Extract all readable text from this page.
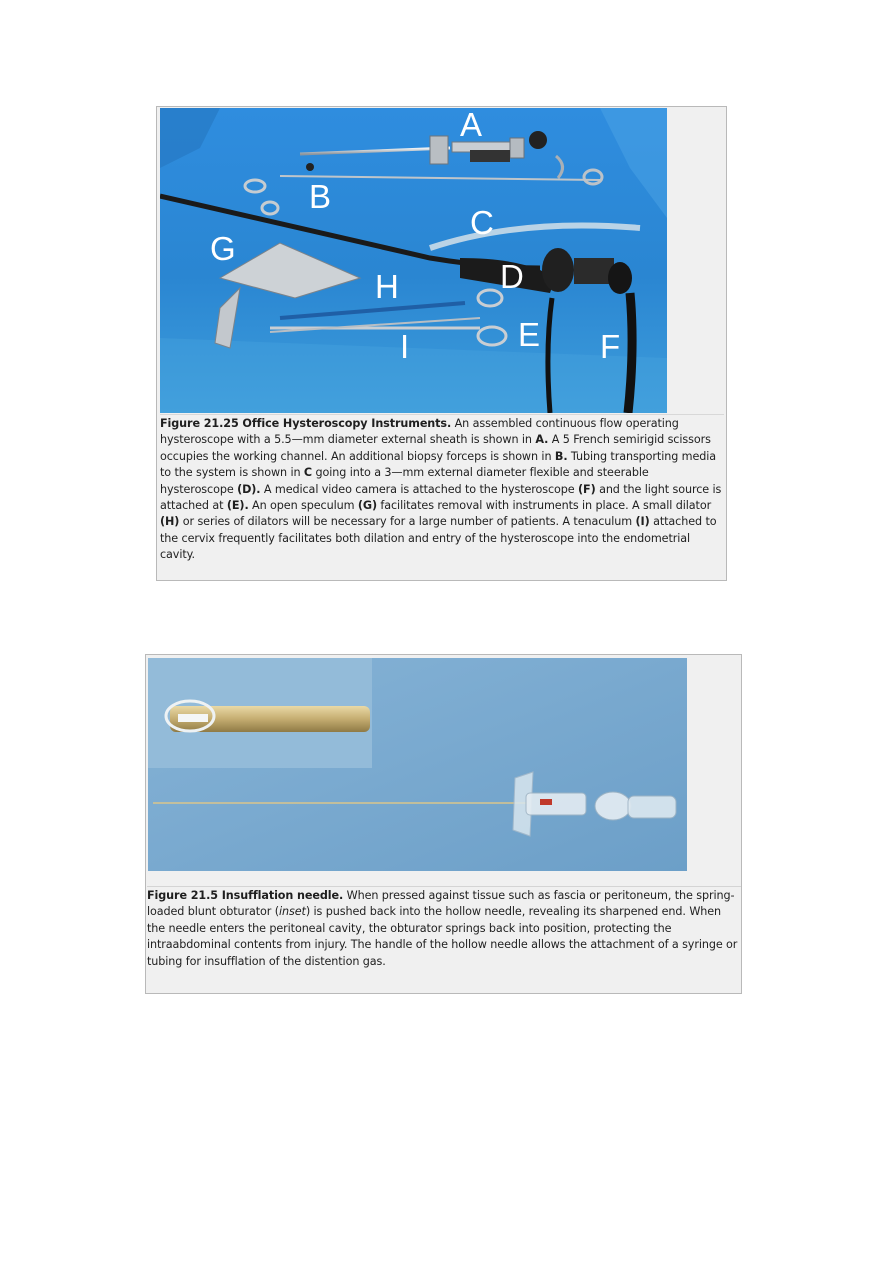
A
B
C
D
E F
G
H
I
Figure 21.25 Office Hysteroscopy Instruments. An assembled continuous flow operating hysteroscope with a 5.5—mm diameter external sheath is shown in A. A 5 French semirigid scissors occupies the working channel. An additional biopsy forceps is shown in B. Tubing transporting media to the system is shown in C going into a 3—mm external diameter flexible and steerable hysteroscope (D). A medical video camera is attached to the hysteroscope (F) and the light source is attached at (E). An open speculum (G) facilitates removal with instruments in place. A small dilator (H) or series of dilators will be necessary for a large number of patients. A tenaculum (I) attached to the cervix frequently facilitates both dilation and entry of the hysteroscope into the endometrial cavity.
Figure 21.5 Insufflation needle. When pressed against tissue such as fascia or peritoneum, the spring-loaded blunt obturator (inset) is pushed back into the hollow needle, revealing its sharpened end. When the needle enters the peritoneal cavity, the obturator springs back into position, protecting the intraabdominal contents from injury. The handle of the hollow needle allows the attachment of a syringe or tubing for insufflation of the distention gas.
